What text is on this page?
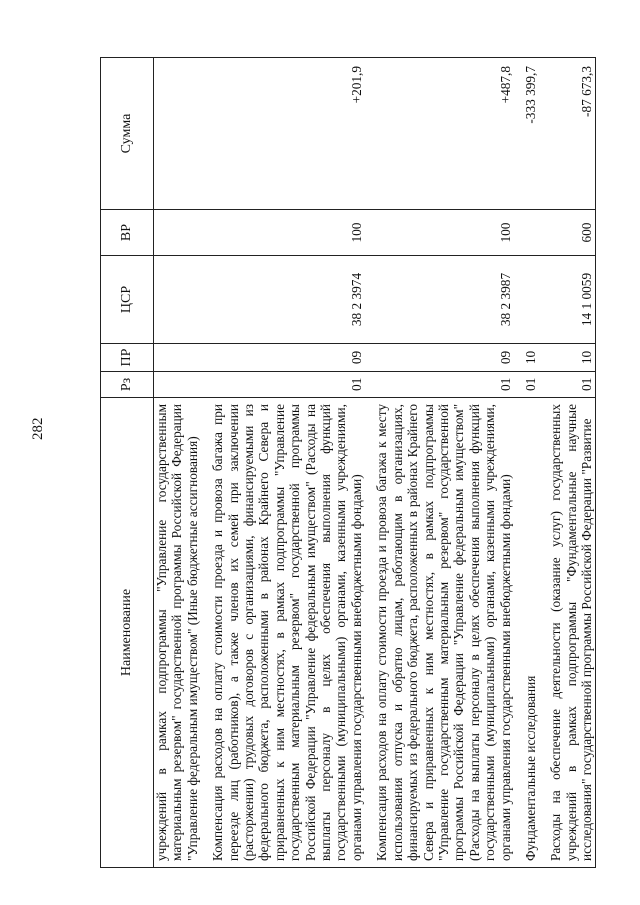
282
Наименование	Рз	ПР	ЦСР	ВР	Сумма
учреждений в рамках подпрограммы "Управление государственным материальным резервом" государственной программы Российской Федерации "Управление федеральным имуществом" (Иные бюджетные ассигнования)					

Компенсация расходов на оплату стоимости проезда и провоза багажа при переезде лиц (работников), а также членов их семей при заключении (расторжении) трудовых договоров с организациями, финансируемыми из федерального бюджета, расположенными в районах Крайнего Севера и приравненных к ним местностях, в рамках подпрограммы "Управление государственным материальным резервом" государственной программы Российской Федерации "Управление федеральным имуществом" (Расходы на выплаты персоналу в целях обеспечения выполнения функций государственными (муниципальными) органами, казенными учреждениями, органами управления государственными внебюджетными фондами)	01	09	38 2 3974	100	+201,9

Компенсация расходов на оплату стоимости проезда и провоза багажа к месту использования отпуска и обратно лицам, работающим в организациях, финансируемых из федерального бюджета, расположенных в районах Крайнего Севера и приравненных к ним местностях, в рамках подпрограммы "Управление государственным материальным резервом" государственной программы Российской Федерации "Управление федеральным имуществом" (Расходы на выплаты персоналу в целях обеспечения выполнения функций государственными (муниципальными) органами, казенными учреждениями, органами управления государственными внебюджетными фондами)	01	09	38 2 3987	100	+487,8

Фундаментальные исследования	01	10			-333 399,7

Расходы на обеспечение деятельности (оказание услуг) государственных учреждений в рамках подпрограммы "Фундаментальные научные исследования" государственной программы Российской Федерации "Развитие	01	10	14 1 0059	600	-87 673,3
